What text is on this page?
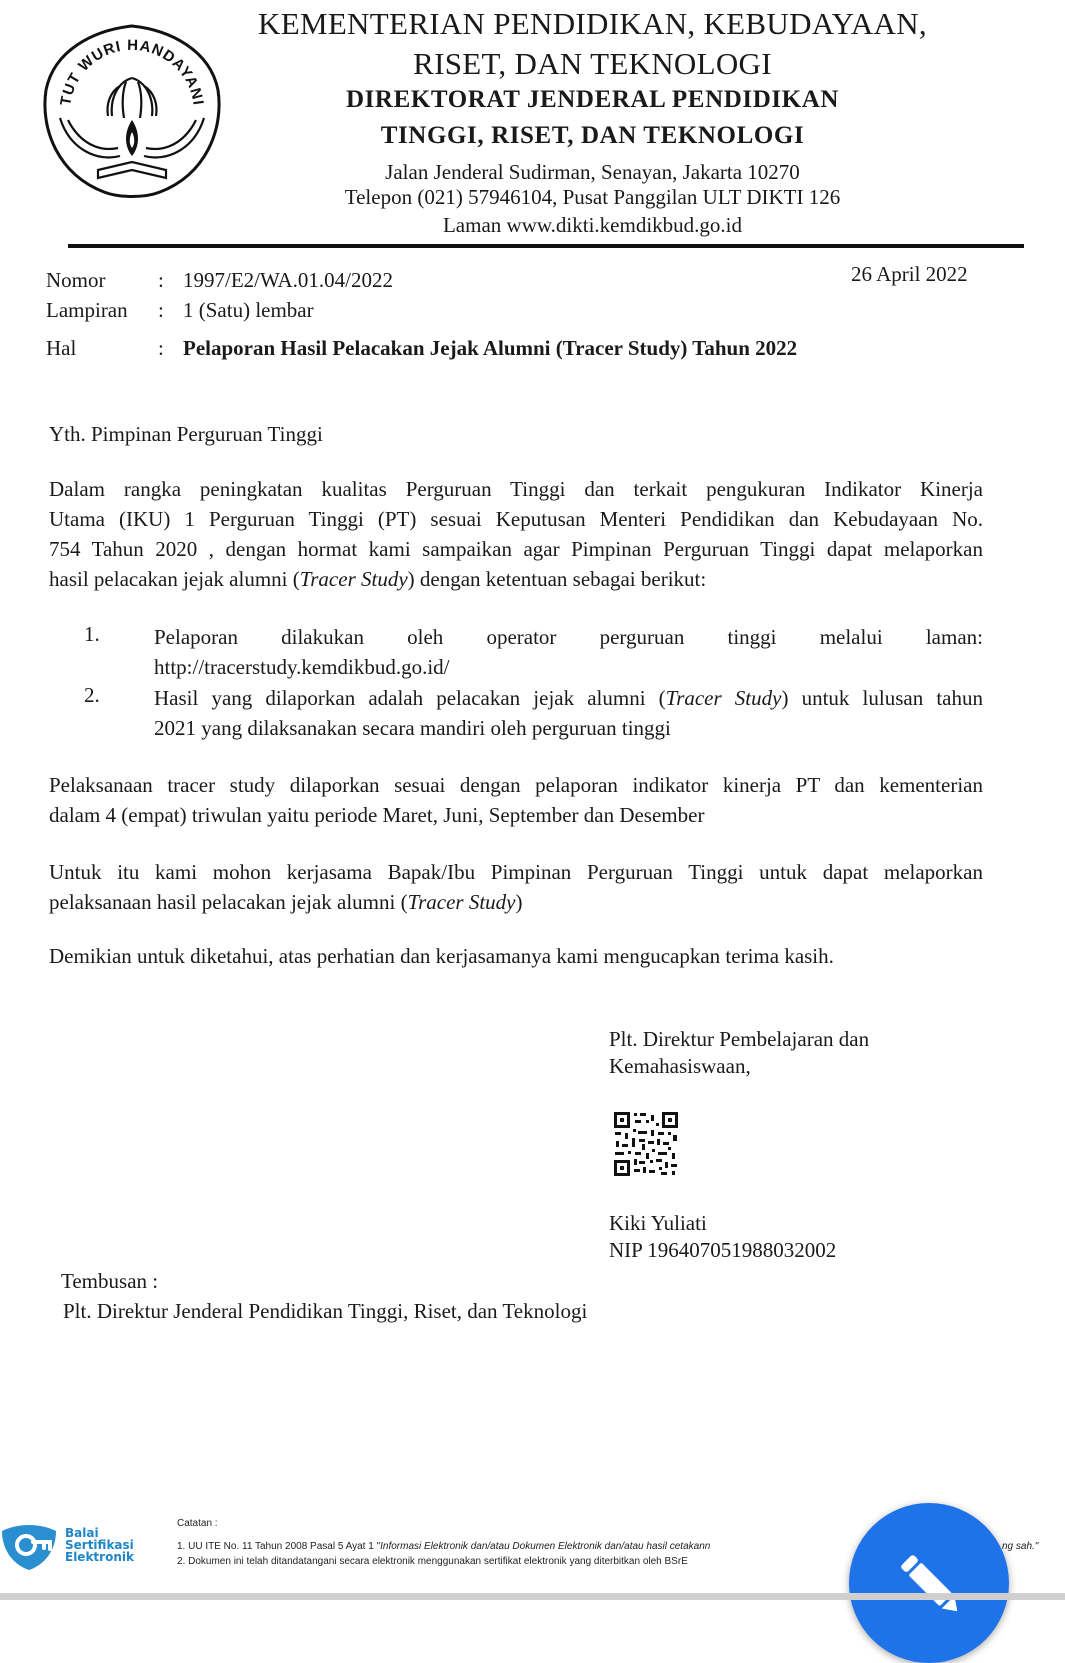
TUT WURI HANDAYANI
KEMENTERIAN PENDIDIKAN, KEBUDAYAAN,
RISET, DAN TEKNOLOGI
DIREKTORAT JENDERAL PENDIDIKAN
TINGGI, RISET, DAN TEKNOLOGI
Jalan Jenderal Sudirman, Senayan, Jakarta 10270
Telepon (021) 57946104, Pusat Panggilan ULT DIKTI 126
Laman www.dikti.kemdikbud.go.id
Nomor	: 1997/E2/WA.01.04/2022	26 April 2022
Lampiran : 1 (Satu) lembar
Hal	: Pelaporan Hasil Pelacakan Jejak Alumni (Tracer Study) Tahun 2022
Yth. Pimpinan Perguruan Tinggi
Dalam rangka peningkatan kualitas Perguruan Tinggi dan terkait pengukuran Indikator Kinerja
Utama (IKU) 1 Perguruan Tinggi (PT) sesuai Keputusan Menteri Pendidikan dan Kebudayaan No.
754 Tahun 2020 , dengan hormat kami sampaikan agar Pimpinan Perguruan Tinggi dapat melaporkan
hasil pelacakan jejak alumni (Tracer Study) dengan ketentuan sebagai berikut:
1.	Pelaporan dilakukan oleh operator perguruan tinggi melalui laman:
http://tracerstudy.kemdikbud.go.id/
2.	Hasil yang dilaporkan adalah pelacakan jejak alumni (Tracer Study) untuk lulusan tahun
2021 yang dilaksanakan secara mandiri oleh perguruan tinggi
Pelaksanaan tracer study dilaporkan sesuai dengan pelaporan indikator kinerja PT dan kementerian
dalam 4 (empat) triwulan yaitu periode Maret, Juni, September dan Desember
Untuk itu kami mohon kerjasama Bapak/Ibu Pimpinan Perguruan Tinggi untuk dapat melaporkan
pelaksanaan hasil pelacakan jejak alumni (Tracer Study)
Demikian untuk diketahui, atas perhatian dan kerjasamanya kami mengucapkan terima kasih.
Plt. Direktur Pembelajaran dan
Kemahasiswaan,
Kiki Yuliati
NIP 196407051988032002
Tembusan :
Plt. Direktur Jenderal Pendidikan Tinggi, Riset, dan Teknologi
Balai
Sertifikasi
Elektronik
Catatan :
1. UU ITE No. 11 Tahun 2008 Pasal 5 Ayat 1 "Informasi Elektronik dan/atau Dokumen Elektronik dan/atau hasil cetakann	ng sah."
2. Dokumen ini telah ditandatangani secara elektronik menggunakan sertifikat elektronik yang diterbitkan oleh BSrE
